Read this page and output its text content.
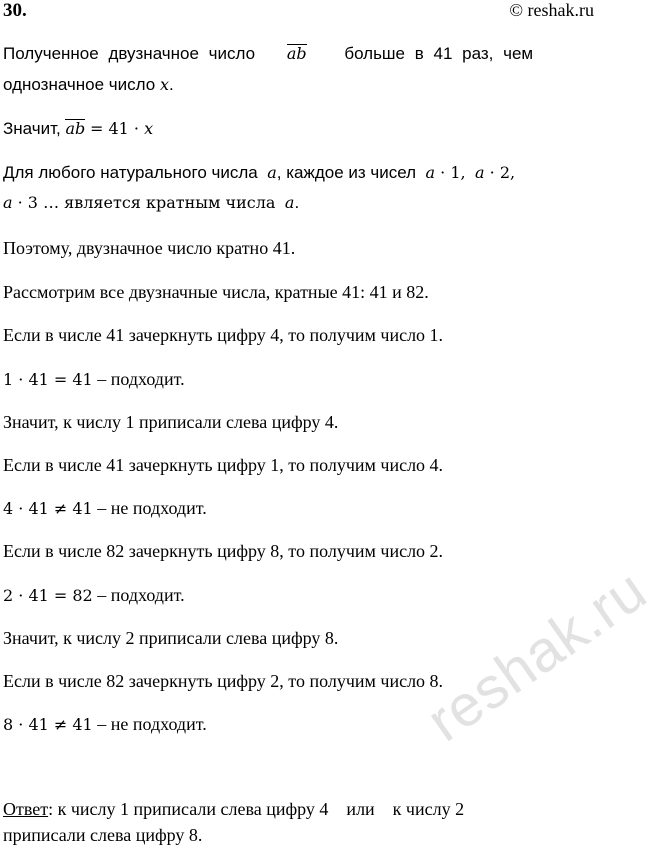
30.	© reshak.ru
reshak.ru
Полученное двузначное число ab больше в 41 раз, чем
однозначное число x.
Значит, ab = 41 · x
Для любого натурального числа a, каждое из чисел a · 1, a · 2,
a · 3 … является кратным числа a.
Поэтому, двузначное число кратно 41.
Рассмотрим все двузначные числа, кратные 41: 41 и 82.
Если в числе 41 зачеркнуть цифру 4, то получим число 1.
1 · 41 = 41 – подходит.
Значит, к числу 1 приписали слева цифру 4.
Если в числе 41 зачеркнуть цифру 1, то получим число 4.
4 · 41 ≠ 41 – не подходит.
Если в числе 82 зачеркнуть цифру 8, то получим число 2.
2 · 41 = 82 – подходит.
Значит, к числу 2 приписали слева цифру 8.
Если в числе 82 зачеркнуть цифру 2, то получим число 8.
8 · 41 ≠ 41 – не подходит.
Ответ: к числу 1 приписали слева цифру 4    или    к числу 2
приписали слева цифру 8.
